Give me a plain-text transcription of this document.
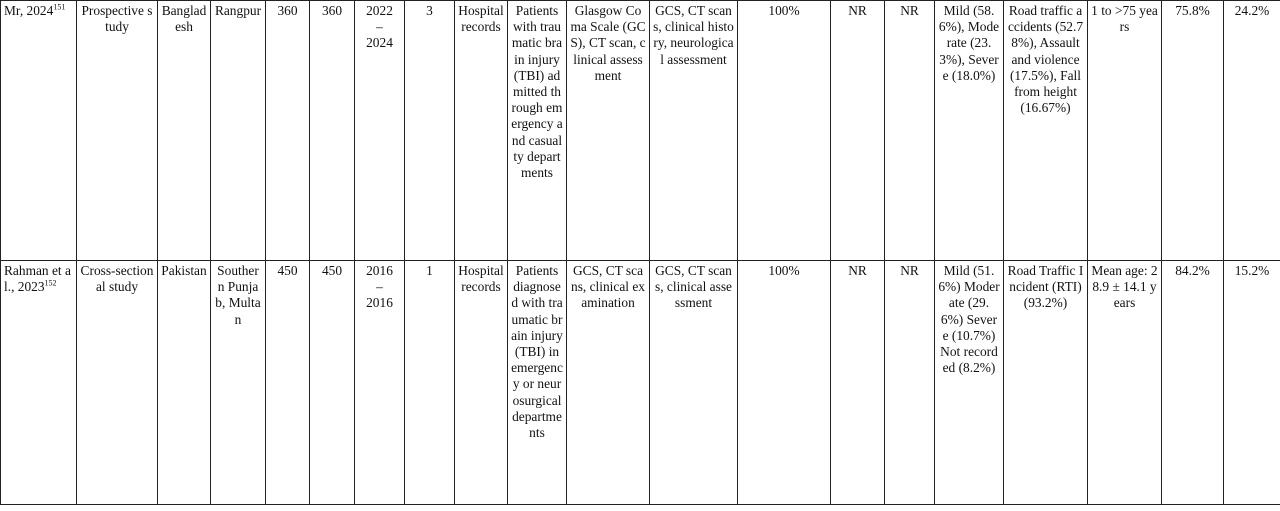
Mr, 2024$^{151}$	Prospective study	Bangladesh	Rangpur	360	360	2022
–
2024	3	Hospital records	Patients with traumatic brain injury (TBI) admitted through emergency and casualty departments	Glasgow Coma Scale (GCS), CT scan, clinical assessment	GCS, CT scans, clinical history, neurological assessment	100%	NR	NR	Mild (58.6%), Moderate (23.3%), Severe (18.0%)	Road traffic accidents (52.78%), Assault and violence (17.5%), Fall from height (16.67%)	1 to >75 years	75.8%	24.2%
Rahman et al., 2023$^{152}$	Cross-sectional study	Pakistan	Southern Punjab, Multan	450	450	2016
–
2016	1	Hospital records	Patients diagnosed with traumatic brain injury (TBI) in emergency or neurosurgical departments	GCS, CT scans, clinical examination	GCS, CT scans, clinical assessment	100%	NR	NR	Mild (51.6%) Moderate (29.6%) Severe (10.7%) Not recorded (8.2%)	Road Traffic Incident (RTI) (93.2%)	Mean age: 28.9 ± 14.1 years	84.2%	15.2%
